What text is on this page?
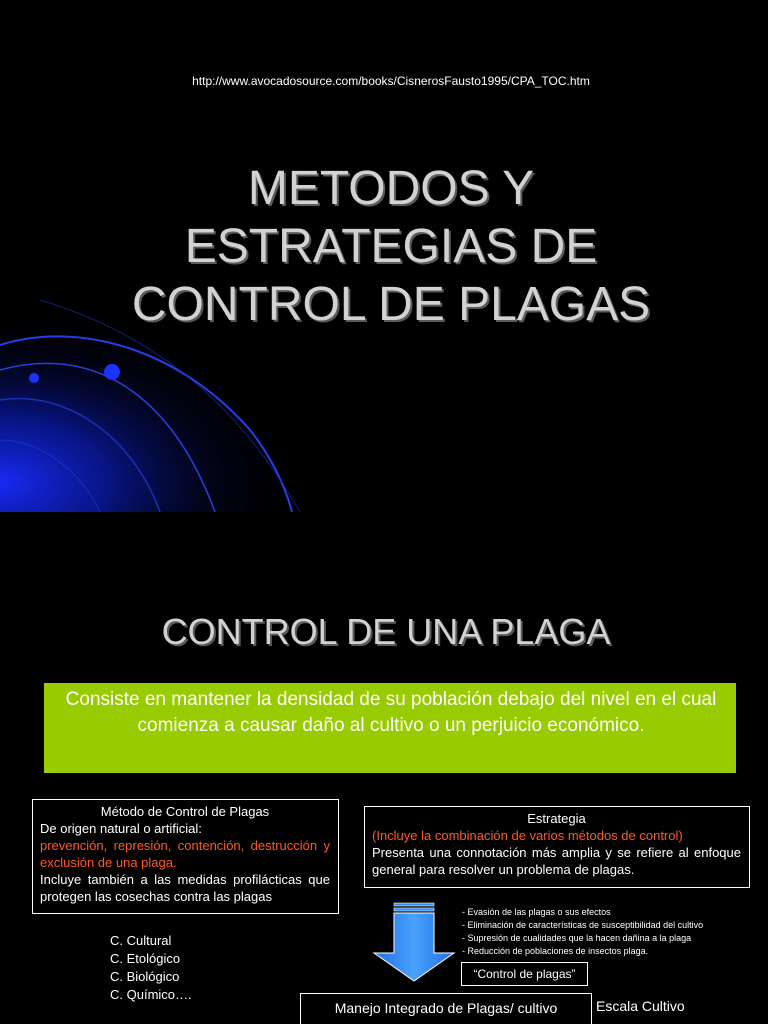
http://www.avocadosource.com/books/CisnerosFausto1995/CPA_TOC.htm
METODOS Y
ESTRATEGIAS DE
CONTROL DE PLAGAS
CONTROL DE UNA PLAGA
Consiste en mantener la densidad de su población debajo del nivel en el cual comienza a causar daño al cultivo o un perjuicio económico.
Método de Control de Plagas
De origen natural o artificial:
prevención, represión, contención, destrucción y exclusión de una plaga.
Incluye también a las medidas profilácticas que protegen las cosechas contra las plagas
Estrategia
(Incluye la combinación de varios métodos de control)
Presenta una connotación más amplia y se refiere al enfoque general para resolver un problema de plagas.
C. Cultural
C. Etológico
C. Biológico
C. Químico….
- Evasión de las plagas o sus efectos
- Eliminación de características de susceptibilidad del cultivo
- Supresión de cualidades que la hacen dañina a la plaga
- Reducción de poblaciones de insectos plaga.
“Control de plagas”
Manejo Integrado de Plagas/ cultivo	Escala Cultivo
